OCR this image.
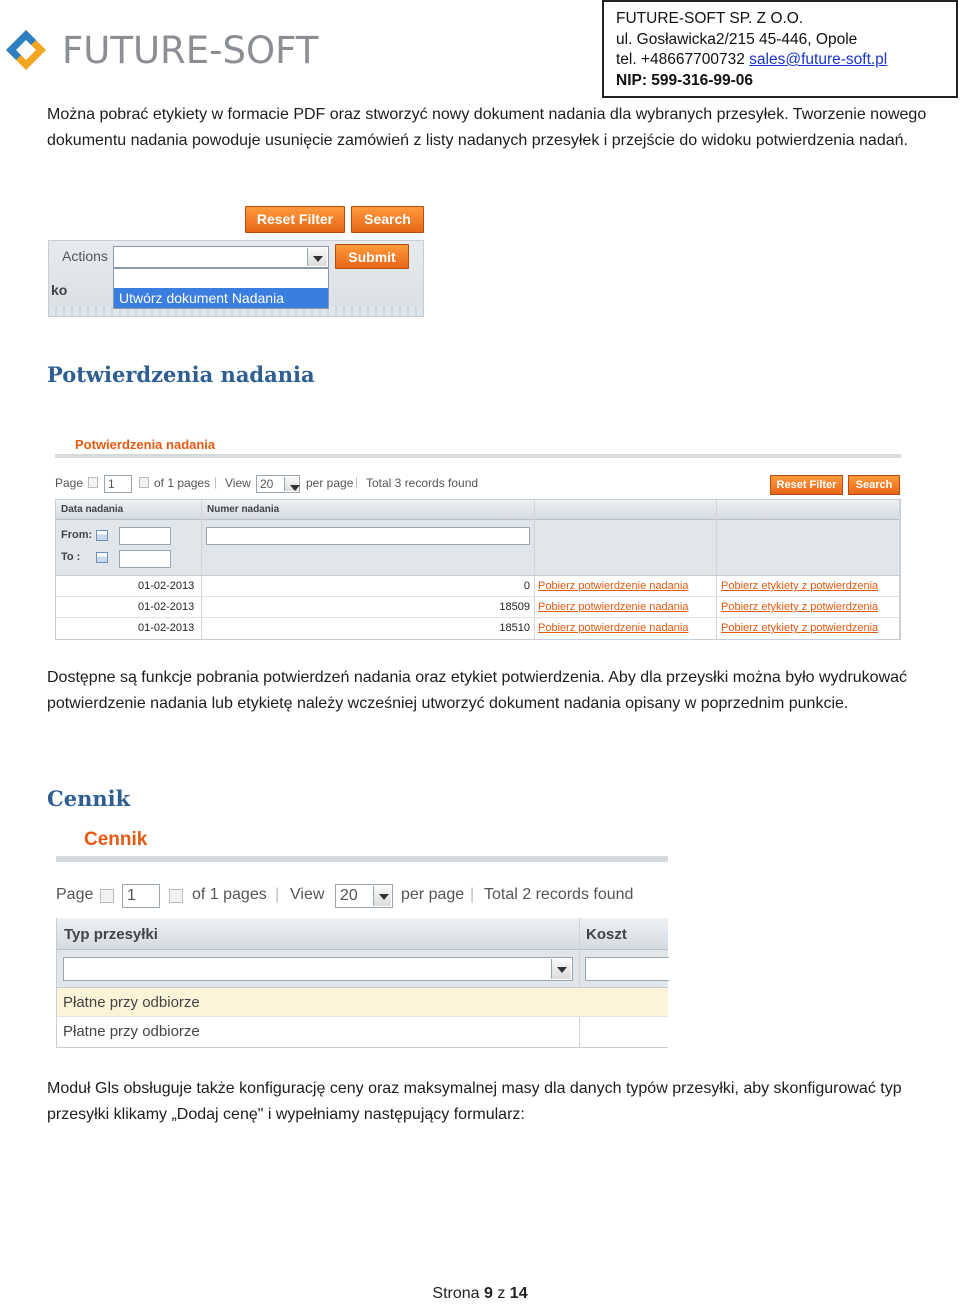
FUTURE-SOFT
FUTURE-SOFT SP. Z O.O.
ul. Gosławicka2/215 45-446, Opole
tel. +48667700732 sales@future-soft.pl
NIP: 599-316-99-06

Można pobrać etykiety w formacie PDF oraz stworzyć nowy dokument nadania dla wybranych przesyłek. Tworzenie nowego dokumentu nadania powoduje usunięcie zamówień z listy nadanych przesyłek i przejście do widoku potwierdzenia nadań.

Reset Filter	Search
Actions	Submit
ko	Utwórz dokument Nadania
Potwierdzenia nadania
Potwierdzenia nadania
Page	1	of 1 pages | View 20	per page | Total 3 records found	Reset Filter	Search
Data nadania	Numer nadania
From:
To :
01-02-2013	0 Pobierz potwierdzenie nadania	Pobierz etykiety z potwierdzenia
01-02-2013	18509 Pobierz potwierdzenie nadania	Pobierz etykiety z potwierdzenia
01-02-2013	18510 Pobierz potwierdzenie nadania	Pobierz etykiety z potwierdzenia

Dostępne są funkcje pobrania potwierdzeń nadania oraz etykiet potwierdzenia. Aby dla przeysłki można było wydrukować potwierdzenie nadania lub etykietę należy wcześniej utworzyć dokument nadania opisany w poprzednim punkcie.

Cennik
Cennik
Page	1	of 1 pages | View 20	per page | Total 2 records found
Typ przesyłki	Koszt
Płatne przy odbiorze
Płatne przy odbiorze

Moduł Gls obsługuje także konfigurację ceny oraz maksymalnej masy dla danych typów przesyłki, aby skonfigurować typ przesyłki klikamy „Dodaj cenę" i wypełniamy następujący formularz:

Strona 9 z 14
